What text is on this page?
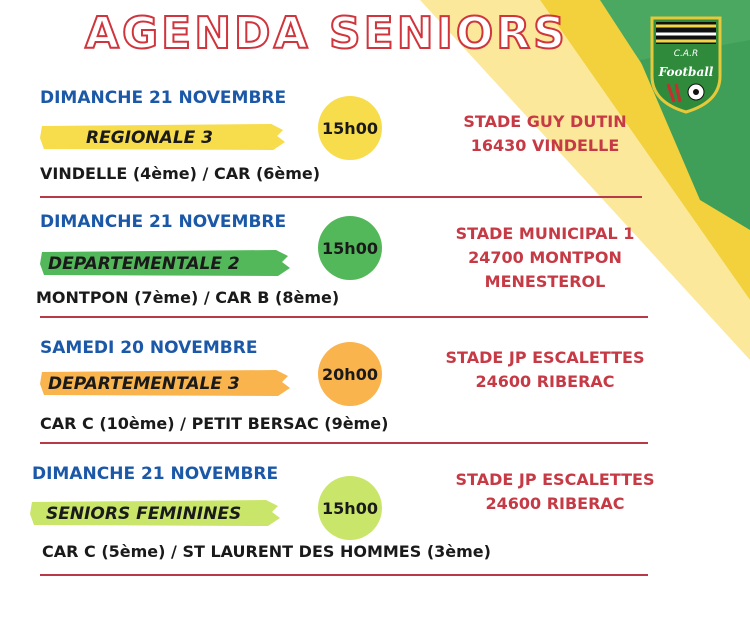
AGENDA SENIORS	C.A.R
Football
DIMANCHE 21 NOVEMBRE
REGIONALE 3
VINDELLE (4ème) / CAR (6ème)
15h00	STADE GUY DUTIN
16430 VINDELLE
DIMANCHE 21 NOVEMBRE
DEPARTEMENTALE 2
MONTPON (7ème) / CAR B (8ème)
15h00
STADE MUNICIPAL 1
24700 MONTPON
MENESTEROL
SAMEDI 20 NOVEMBRE
DEPARTEMENTALE 3
CAR C (10ème) / PETIT BERSAC (9ème)
20h00
STADE JP ESCALETTES
24600 RIBERAC
DIMANCHE 21 NOVEMBRE
SENIORS FEMININES
CAR C (5ème) / ST LAURENT DES HOMMES (3ème)
15h00
STADE JP ESCALETTES
24600 RIBERAC
